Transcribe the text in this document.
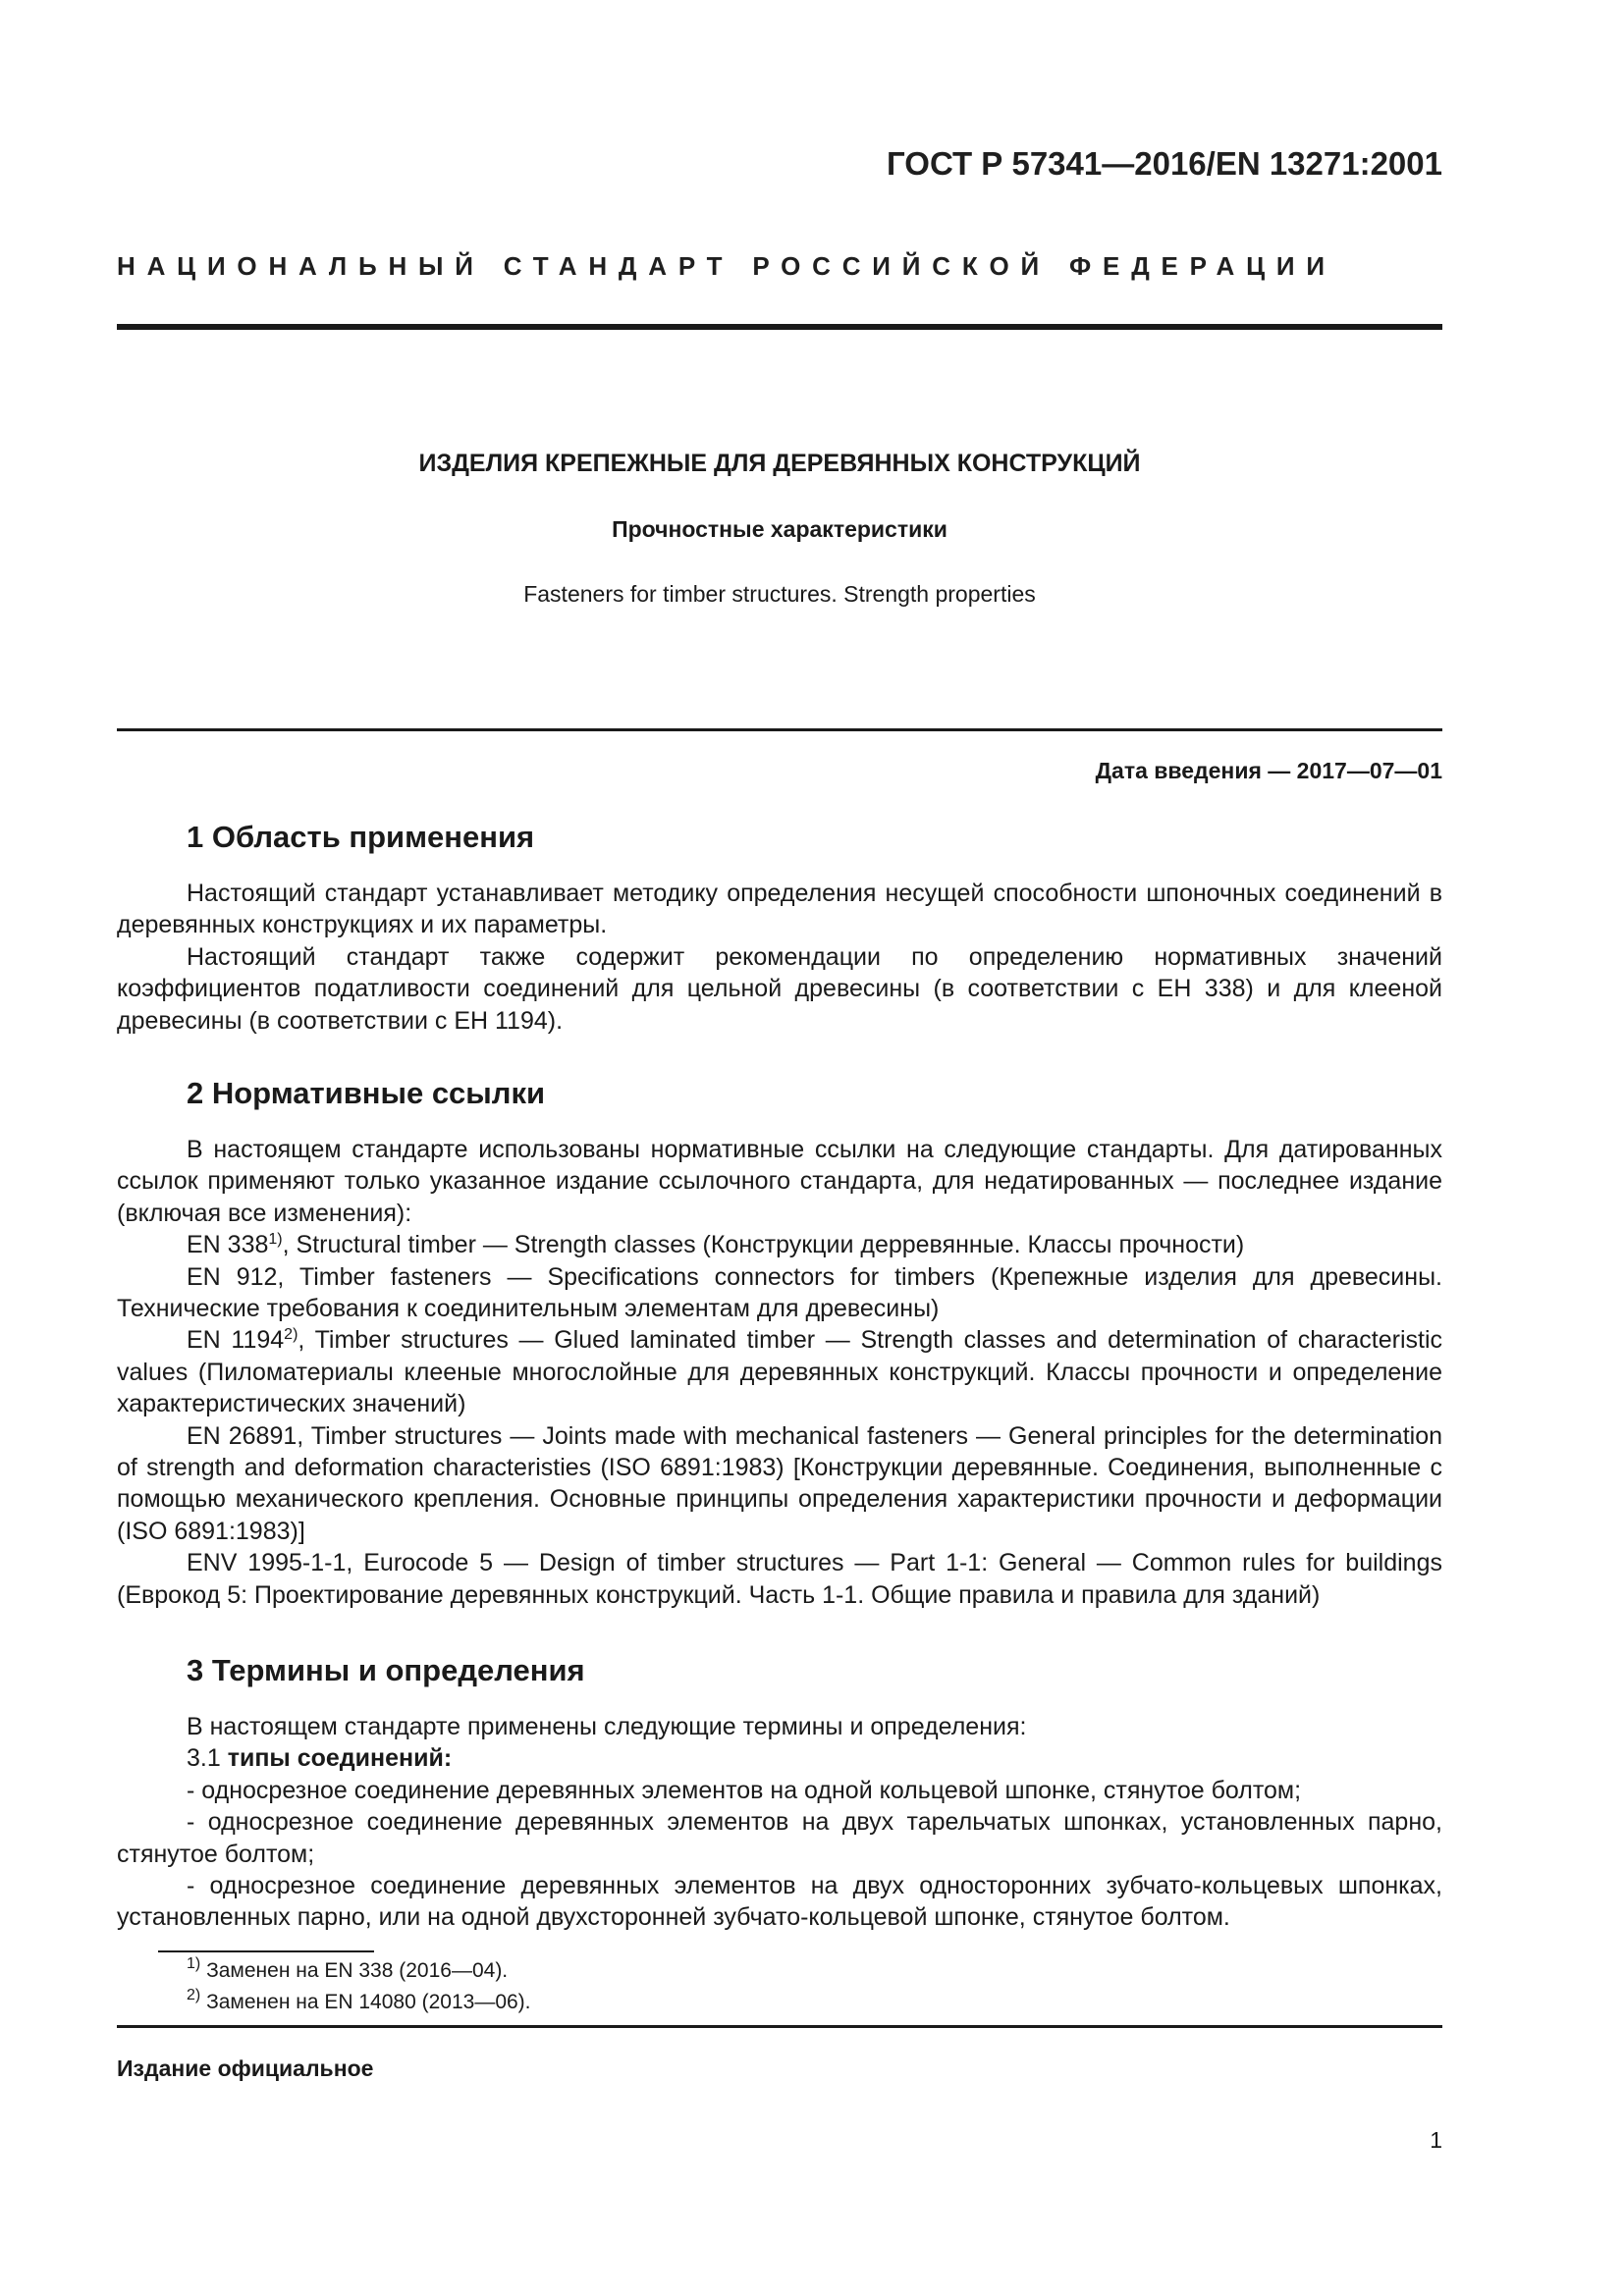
ГОСТ Р 57341—2016/EN 13271:2001
НАЦИОНАЛЬНЫЙ СТАНДАРТ РОССИЙСКОЙ ФЕДЕРАЦИИ
ИЗДЕЛИЯ КРЕПЕЖНЫЕ ДЛЯ ДЕРЕВЯННЫХ КОНСТРУКЦИЙ
Прочностные характеристики
Fasteners for timber structures. Strength properties
Дата введения — 2017—07—01
1 Область применения

Настоящий стандарт устанавливает методику определения несущей способности шпоночных соединений в деревянных конструкциях и их параметры.

Настоящий стандарт также содержит рекомендации по определению нормативных значений коэффициентов податливости соединений для цельной древесины (в соответствии с ЕН 338) и для клееной древесины (в соответствии с ЕН 1194).

2 Нормативные ссылки

В настоящем стандарте использованы нормативные ссылки на следующие стандарты. Для датированных ссылок применяют только указанное издание ссылочного стандарта, для недатированных — последнее издание (включая все изменения):

EN 338$^{1)}$, Structural timber — Strength classes (Конструкции дерревянные. Классы прочности)

EN 912, Timber fasteners — Specifications connectors for timbers (Крепежные изделия для древесины. Технические требования к соединительным элементам для древесины)

EN 1194$^{2)}$, Timber structures — Glued laminated timber — Strength classes and determination of characteristic values (Пиломатериалы клееные многослойные для деревянных конструкций. Классы прочности и определение характеристических значений)

EN 26891, Timber structures — Joints made with mechanical fasteners — General principles for the determination of strength and deformation characteristies (ISO 6891:1983) [Конструкции деревянные. Соединения, выполненные с помощью механического крепления. Основные принципы определения характеристики прочности и деформации (ISO 6891:1983)]

ENV 1995-1-1, Eurocode 5 — Design of timber structures — Part 1-1: General — Common rules for buildings (Еврокод 5: Проектирование деревянных конструкций. Часть 1-1. Общие правила и правила для зданий)

3 Термины и определения

В настоящем стандарте применены следующие термины и определения:

3.1 типы соединений:

- односрезное соединение деревянных элементов на одной кольцевой шпонке, стянутое болтом;

- односрезное соединение деревянных элементов на двух тарельчатых шпонках, установленных парно, стянутое болтом;

- односрезное соединение деревянных элементов на двух односторонних зубчато-кольцевых шпонках, установленных парно, или на одной двухсторонней зубчато-кольцевой шпонке, стянутое болтом.

$^{1)}$ Заменен на EN 338 (2016—04).
$^{2)}$ Заменен на EN 14080 (2013—06).
Издание официальное
1
